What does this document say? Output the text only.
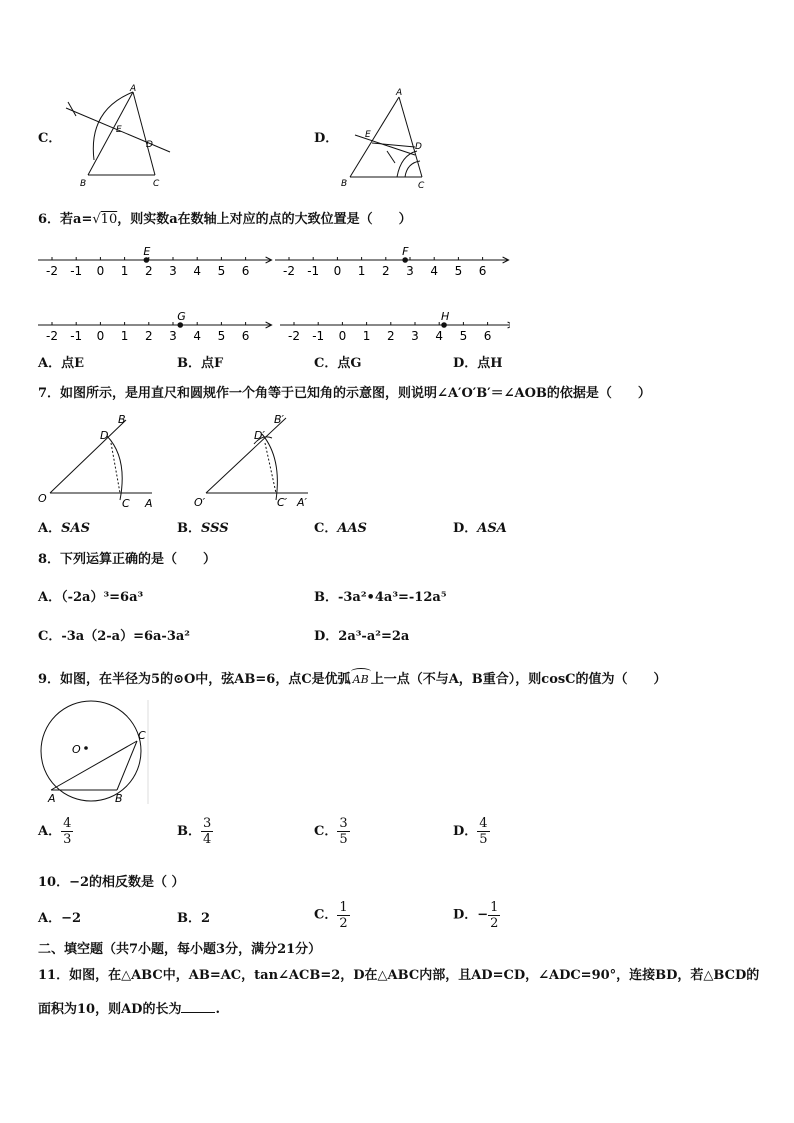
C．
A
B	C
D
E
D．
A
B	C
D
E
6．若a=√10，则实数a在数轴上对应的点的大致位置是（　　）
-2 -1 0 1 2 3 4 5 6
E
-2 -1 0 1 2 3 4 5 6
F
-2 -1 0 1 2 3 4 5 6
G
-2 -1 0 1 2 3 4 5 6
H
A．点E	B．点F	C．点G	D．点H
7．如图所示，是用直尺和圆规作一个角等于已知角的示意图，则说明∠A′O′B′＝∠AOB的依据是（　　）
O	A
B
C
D
O′	A′
B′
C′
D′
A．SAS	B．SSS	C．AAS	D．ASA
8．下列运算正确的是（　　）
A．（-2a）³=6a³	B．-3a²•4a³=-12a⁵
C．-3a（2-a）=6a-3a²	D．2a³-a²=2a
9．如图，在半径为5的⊙O中，弦AB=6，点C是优弧 AB 上一点（不与A，B重合），则cosC的值为（　　）
O
A	B
C
A． $\frac{4}{3}$	B． $\frac{3}{4}$	C． $\frac{3}{5}$	D． $\frac{4}{5}$
10．−2的相反数是（ ）
A．−2	B．2	C． $\frac{1}{2}$	D．− $\frac{1}{2}$
二、填空题（共7小题，每小题3分，满分21分）
11．如图，在△ABC中，AB=AC，tan∠ACB=2，D在△ABC内部，且AD=CD，∠ADC=90°，连接BD，若△BCD的
面积为10，则AD的长为	.
